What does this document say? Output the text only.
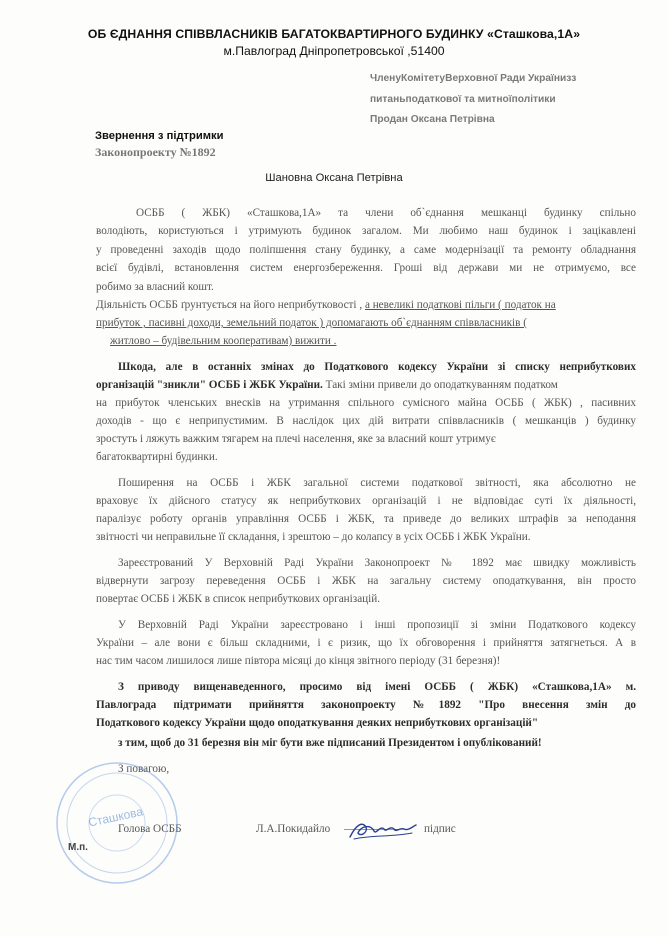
ОБ ЄДНАННЯ СПІВВЛАСНИКІВ БАГАТОКВАРТИРНОГО БУДИНКУ «Сташкова,1А»
м.Павлоград Дніпропетровської ,51400
ЧленуКомітетуВерховної Ради Українизз
питаньподаткової та митноїполітики
Продан Оксана Петрівна
Звернення з підтримки
Законопроекту №1892
Шановна Оксана Петрівна
ОСББ ( ЖБК) «Сташкова,1А» та члени об`єднання мешканці будинку спільно
володіють, користуються і утримують будинок загалом. Ми любимо наш будинок і зацікавлені
у проведенні заходів щодо поліпшення стану будинку, а саме модернізації та ремонту обладнання
всієї будівлі, встановлення систем енергозбереження. Гроші від держави ми не отримуємо, все
робимо за власний кошт.
Діяльність ОСББ ґрунтується на його неприбутковості , а невеликі податкові пільги ( податок на
прибуток , пасивні доходи, земельний податок ) допомагають об`єднанням співвласників (
житлово – будівельним кооперативам) вижити .
Шкода, але в останніх змінах до Податкового кодексу України зі списку неприбуткових
організацій "зникли" ОСББ і ЖБК України. Такі зміни привели до оподаткуванням податком
на прибуток членських внесків на утримання спільного сумісного майна ОСББ ( ЖБК) , пасивних
доходів - що є неприпустимим. В наслідок цих дій витрати співвласників ( мешканців ) будинку
зростуть і ляжуть важким тягарем на плечі населення, яке за власний кошт утримує
багатоквартирні будинки.
Поширення на ОСББ і ЖБК загальної системи податкової звітності, яка абсолютно не
враховує їх дійсного статусу як неприбуткових організацій і не відповідає суті їх діяльності,
паралізує роботу органів управління ОСББ і ЖБК, та приведе до великих штрафів за неподання
звітності чи неправильне її складання, і зрештою – до колапсу в усіх ОСББ і ЖБК України.
Зареєстрований У Верховній Раді України Законопроект № 1892 має швидку можливість
відвернути загрозу переведення ОСББ і ЖБК на загальну систему оподаткування, він просто
повертає ОСББ і ЖБК в список неприбуткових організацій.
У Верховній Раді України зареєстровано і інші пропозиції зі зміни Податкового кодексу
України – але вони є більш складними, і є ризик, що їх обговорення і прийняття затягнеться. А в
нас тим часом лишилося лише півтора місяці до кінця звітного періоду (31 березня)!
З приводу вищенаведенного, просимо від імені ОСББ ( ЖБК) «Сташкова,1А» м.
Павлограда підтримати прийняття законопроекту №1892 "Про внесення змін до
Податкового кодексу України щодо оподаткування деяких неприбуткових організацій"
з тим, щоб до 31 березня він міг бути вже підписаний Президентом і опублікований!
З повагою,
Голова ОСББ	Л.А.Покидайло ___________ підпис
Сташкова
М.п.
